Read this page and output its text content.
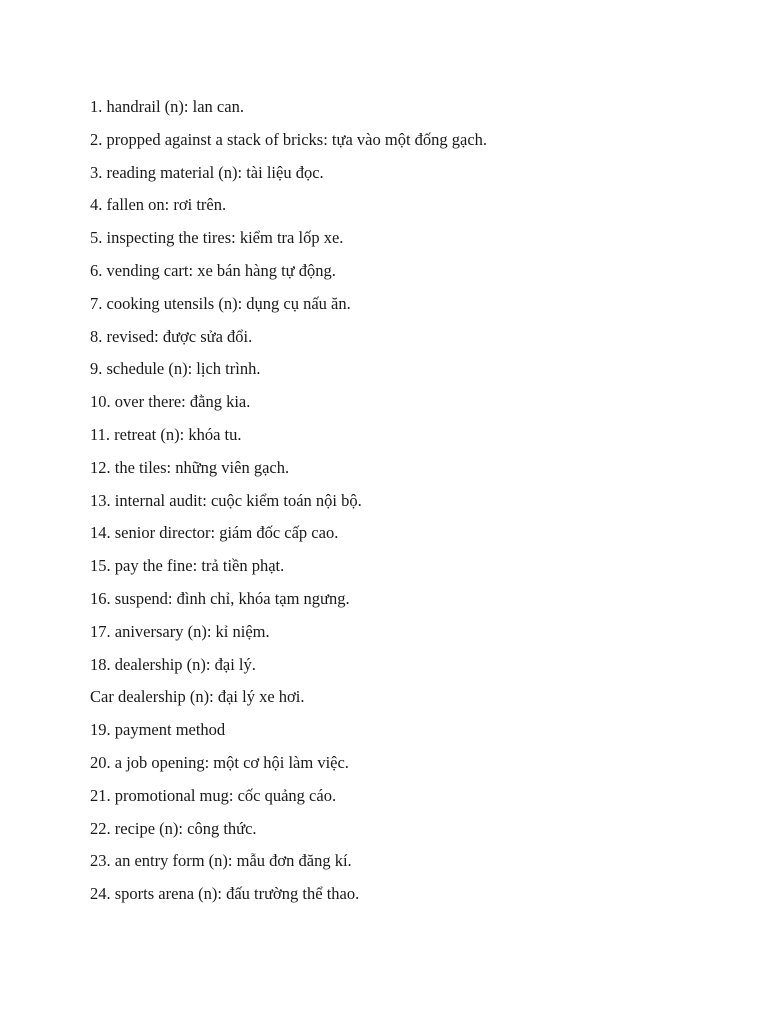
1. handrail (n): lan can.
2. propped against a stack of bricks: tựa vào một đống gạch.
3. reading material (n): tài liệu đọc.
4. fallen on: rơi trên.
5. inspecting the tires: kiểm tra lốp xe.
6. vending cart: xe bán hàng tự động.
7. cooking utensils (n): dụng cụ nấu ăn.
8. revised: được sửa đổi.
9. schedule (n): lịch trình.
10. over there: đằng kia.
11. retreat (n): khóa tu.
12. the tiles: những viên gạch.
13. internal audit: cuộc kiểm toán nội bộ.
14. senior director: giám đốc cấp cao.
15. pay the fine: trả tiền phạt.
16. suspend: đình chỉ, khóa tạm ngưng.
17. aniversary (n): kỉ niệm.
18. dealership (n): đại lý.
Car dealership (n): đại lý xe hơi.
19. payment method
20. a job opening: một cơ hội làm việc.
21. promotional mug: cốc quảng cáo.
22. recipe (n): công thức.
23. an entry form (n): mẫu đơn đăng kí.
24. sports arena (n): đấu trường thể thao.
